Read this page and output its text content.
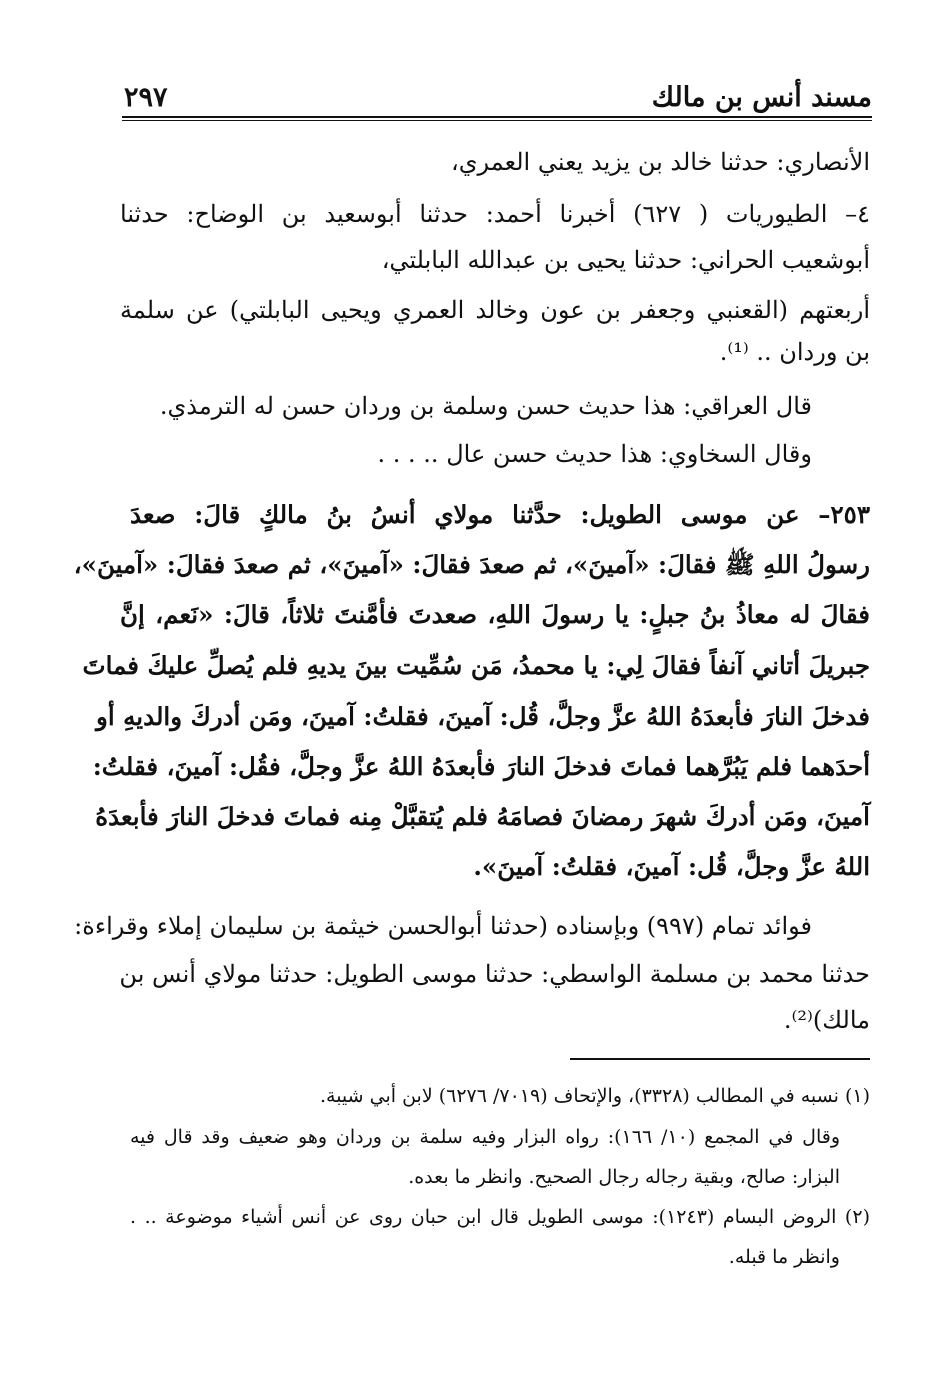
مسند أنس بن مالك
٢٩٧
الأنصاري: حدثنا خالد بن يزيد يعني العمري،
٤– الطيوريات ( ٦٢٧) أخبرنا أحمد: حدثنا أبوسعيد بن الوضاح: حدثنا
أبوشعيب الحراني: حدثنا يحيى بن عبدالله البابلتي،
أربعتهم (القعنبي وجعفر بن عون وخالد العمري ويحيى البابلتي) عن سلمة
بن وردان .. ⁽¹⁾.
قال العراقي: هذا حديث حسن وسلمة بن وردان حسن له الترمذي.
وقال السخاوي: هذا حديث حسن عال .. . . .
٢٥٣– عن موسى الطويل: حدَّثنا مولاي أنسُ بنُ مالكٍ قالَ: صعدَ
رسولُ اللهِ ﷺ فقالَ: «آمينَ»، ثم صعدَ فقالَ: «آمينَ»، ثم صعدَ فقالَ: «آمينَ»،
فقالَ له معاذُ بنُ جبلٍ: يا رسولَ اللهِ، صعدتَ فأمَّنتَ ثلاثاً، قالَ: «نَعم، إنَّ
جبريلَ أتاني آنفاً فقالَ لِي: يا محمدُ، مَن سُمِّيت بينَ يديهِ فلم يُصلِّ عليكَ فماتَ
فدخلَ النارَ فأبعدَهُ اللهُ عزَّ وجلَّ، قُل: آمينَ، فقلتُ: آمينَ، ومَن أدركَ والديهِ أو
أحدَهما فلم يَبُرَّهما فماتَ فدخلَ النارَ فأبعدَهُ اللهُ عزَّ وجلَّ، فقُل: آمينَ، فقلتُ:
آمينَ، ومَن أدركَ شهرَ رمضانَ فصامَهُ فلم يُتقبَّلْ مِنه فماتَ فدخلَ النارَ فأبعدَهُ
اللهُ عزَّ وجلَّ، قُل: آمينَ، فقلتُ: آمينَ».
فوائد تمام (٩٩٧) وبإسناده (حدثنا أبوالحسن خيثمة بن سليمان إملاء وقراءة:
حدثنا محمد بن مسلمة الواسطي: حدثنا موسى الطويل: حدثنا مولاي أنس بن
مالك)⁽²⁾.
(١) نسبه في المطالب (٣٣٢٨)، والإتحاف (٧٠١٩/ ٦٢٧٦) لابن أبي شيبة.
وقال في المجمع (١٠/ ١٦٦): رواه البزار وفيه سلمة بن وردان وهو ضعيف وقد قال فيه
البزار: صالح، وبقية رجاله رجال الصحيح. وانظر ما بعده.
(٢) الروض البسام (١٢٤٣): موسى الطويل قال ابن حبان روى عن أنس أشياء موضوعة .. .
وانظر ما قبله.
